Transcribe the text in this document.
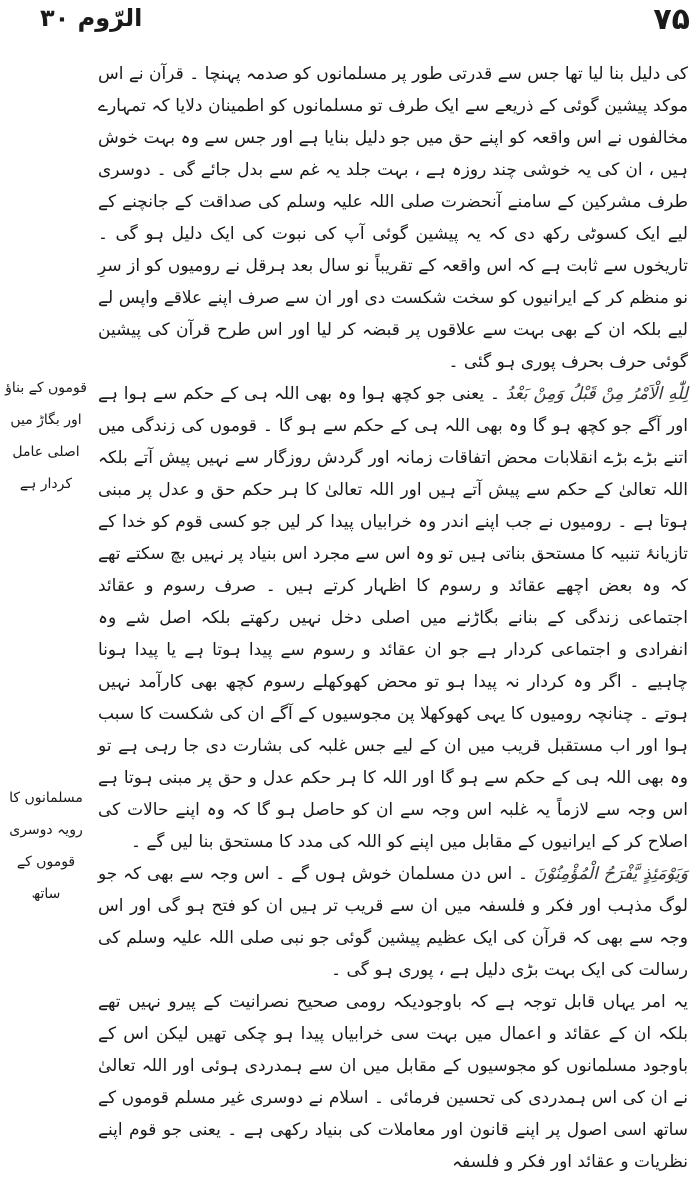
۷۵
الرّوم ۳۰

کی دلیل بنا لیا تھا جس سے قدرتی طور پر مسلمانوں کو صدمہ پہنچا ۔ قرآن نے اس موکد پیشین گوئی کے ذریعے سے ایک طرف تو مسلمانوں کو اطمینان دلایا کہ تمہارے مخالفوں نے اس واقعہ کو اپنے حق میں جو دلیل بنایا ہے اور جس سے وہ بہت خوش ہیں ، ان کی یہ خوشی چند روزہ ہے ، بہت جلد یہ غم سے بدل جائے گی ۔ دوسری طرف مشرکین کے سامنے آنحضرت صلی اللہ علیہ وسلم کی صداقت کے جانچنے کے لیے ایک کسوٹی رکھ دی کہ یہ پیشین گوئی آپ کی نبوت کی ایک دلیل ہو گی ۔ تاریخوں سے ثابت ہے کہ اس واقعہ کے تقریباً نو سال بعد ہرقل نے رومیوں کو از سرِ نو منظم کر کے ایرانیوں کو سخت شکست دی اور ان سے صرف اپنے علاقے واپس لے لیے بلکہ ان کے بھی بہت سے علاقوں پر قبضہ کر لیا اور اس طرح قرآن کی پیشین گوئی حرف بحرف پوری ہو گئی ۔

لِلّٰهِ الْاَمْرُ مِنْ قَبْلُ وَمِنْ بَعْدُ ۔ یعنی جو کچھ ہوا وہ بھی اللہ ہی کے حکم سے ہوا ہے اور آگے جو کچھ ہو گا وہ بھی اللہ ہی کے حکم سے ہو گا ۔ قوموں کی زندگی میں اتنے بڑے بڑے انقلابات محض اتفاقات زمانہ اور گردش روزگار سے نہیں پیش آتے بلکہ اللہ تعالیٰ کے حکم سے پیش آتے ہیں اور اللہ تعالیٰ کا ہر حکم حق و عدل پر مبنی ہوتا ہے ۔ رومیوں نے جب اپنے اندر وہ خرابیاں پیدا کر لیں جو کسی قوم کو خدا کے تازیانۂ تنبیہ کا مستحق بناتی ہیں تو وہ اس سے مجرد اس بنیاد پر نہیں بچ سکتے تھے کہ وہ بعض اچھے عقائد و رسوم کا اظہار کرتے ہیں ۔ صرف رسوم و عقائد اجتماعی زندگی کے بنانے بگاڑنے میں اصلی دخل نہیں رکھتے بلکہ اصل شے وہ انفرادی و اجتماعی کردار ہے جو ان عقائد و رسوم سے پیدا ہوتا ہے یا پیدا ہونا چاہیے ۔ اگر وہ کردار نہ پیدا ہو تو محض کھوکھلے رسوم کچھ بھی کارآمد نہیں ہوتے ۔ چنانچہ رومیوں کا یہی کھوکھلا پن مجوسیوں کے آگے ان کی شکست کا سبب ہوا اور اب مستقبل قریب میں ان کے لیے جس غلبہ کی بشارت دی جا رہی ہے تو وہ بھی اللہ ہی کے حکم سے ہو گا اور اللہ کا ہر حکم عدل و حق پر مبنی ہوتا ہے اس وجہ سے لازماً یہ غلبہ اس وجہ سے ان کو حاصل ہو گا کہ وہ اپنے حالات کی اصلاح کر کے ایرانیوں کے مقابل میں اپنے کو اللہ کی مدد کا مستحق بنا لیں گے ۔

وَيَوْمَئِذٍ يَّفْرَحُ الْمُؤْمِنُوْنَ ۔ اس دن مسلمان خوش ہوں گے ۔ اس وجہ سے بھی کہ جو لوگ مذہب اور فکر و فلسفہ میں ان سے قریب تر ہیں ان کو فتح ہو گی اور اس وجہ سے بھی کہ قرآن کی ایک عظیم پیشین گوئی جو نبی صلی اللہ علیہ وسلم کی رسالت کی ایک بہت بڑی دلیل ہے ، پوری ہو گی ۔

یہ امر یہاں قابل توجہ ہے کہ باوجودیکہ رومی صحیح نصرانیت کے پیرو نہیں تھے بلکہ ان کے عقائد و اعمال میں بہت سی خرابیاں پیدا ہو چکی تھیں لیکن اس کے باوجود مسلمانوں کو مجوسیوں کے مقابل میں ان سے ہمدردی ہوئی اور اللہ تعالیٰ نے ان کی اس ہمدردی کی تحسین فرمائی ۔ اسلام نے دوسری غیر مسلم قوموں کے ساتھ اسی اصول پر اپنے قانون اور معاملات کی بنیاد رکھی ہے ۔ یعنی جو قوم اپنے نظریات و عقائد اور فکر و فلسفہ

قوموں کے بناؤ اور بگاڑ میں اصلی عامل کردار ہے
مسلمانوں کا رویہ دوسری قوموں کے ساتھ
